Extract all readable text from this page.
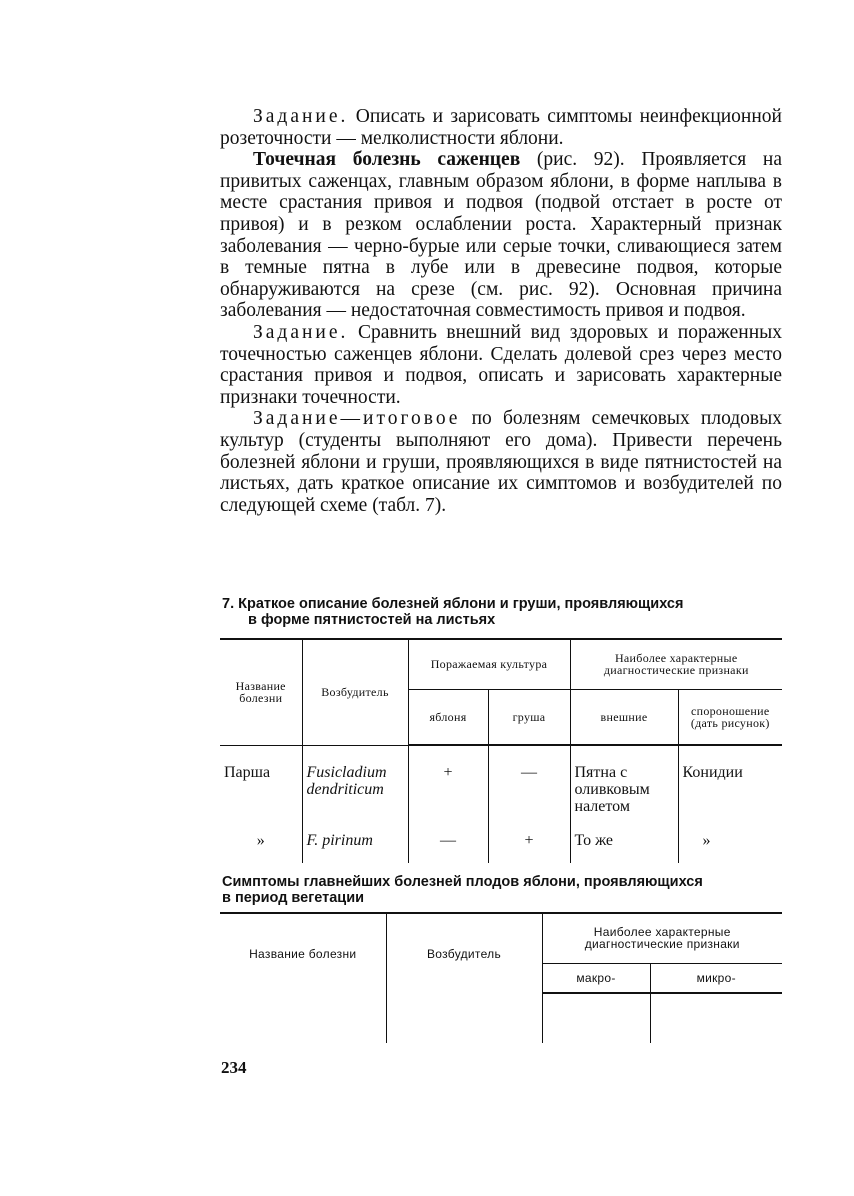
Задание. Описать и зарисовать симптомы неинфекционной розеточности — мелколистности яблони.

Точечная болезнь саженцев (рис. 92). Проявляется на привитых саженцах, главным образом яблони, в форме наплыва в месте срастания привоя и подвоя (подвой отстает в росте от привоя) и в резком ослаблении роста. Характерный признак заболевания — черно-бурые или серые точки, сливающиеся затем в темные пятна в лубе или в древесине подвоя, которые обнаруживаются на срезе (см. рис. 92). Основная причина заболевания — недостаточная совместимость привоя и подвоя.

Задание. Сравнить внешний вид здоровых и пораженных точечностью саженцев яблони. Сделать долевой срез через место срастания привоя и подвоя, описать и зарисовать характерные признаки точечности.

Задание—итоговое по болезням семечковых плодовых культур (студенты выполняют его дома). Привести перечень болезней яблони и груши, проявляющихся в виде пятнистостей на листьях, дать краткое описание их симптомов и возбудителей по следующей схеме (табл. 7).

7. Краткое описание болезней яблони и груши, проявляющихся
в форме пятнистостей на листьях
Название болезни	Возбудитель	Поражаемая культура		Наиболее характерные диагностические признаки	
		яблоня	груша	внешние	спороношение (дать рисунок)
Парша	Fusicladium dendriticum	+	—	Пятна с оливковым налетом	Конидии
»	F. pirinum	—	+	То же	»
Симптомы главнейших болезней плодов яблони, проявляющихся
в период вегетации
Название болезни	Возбудитель	Наиболее характерные диагностические признаки	
		макро-	микро-

234
